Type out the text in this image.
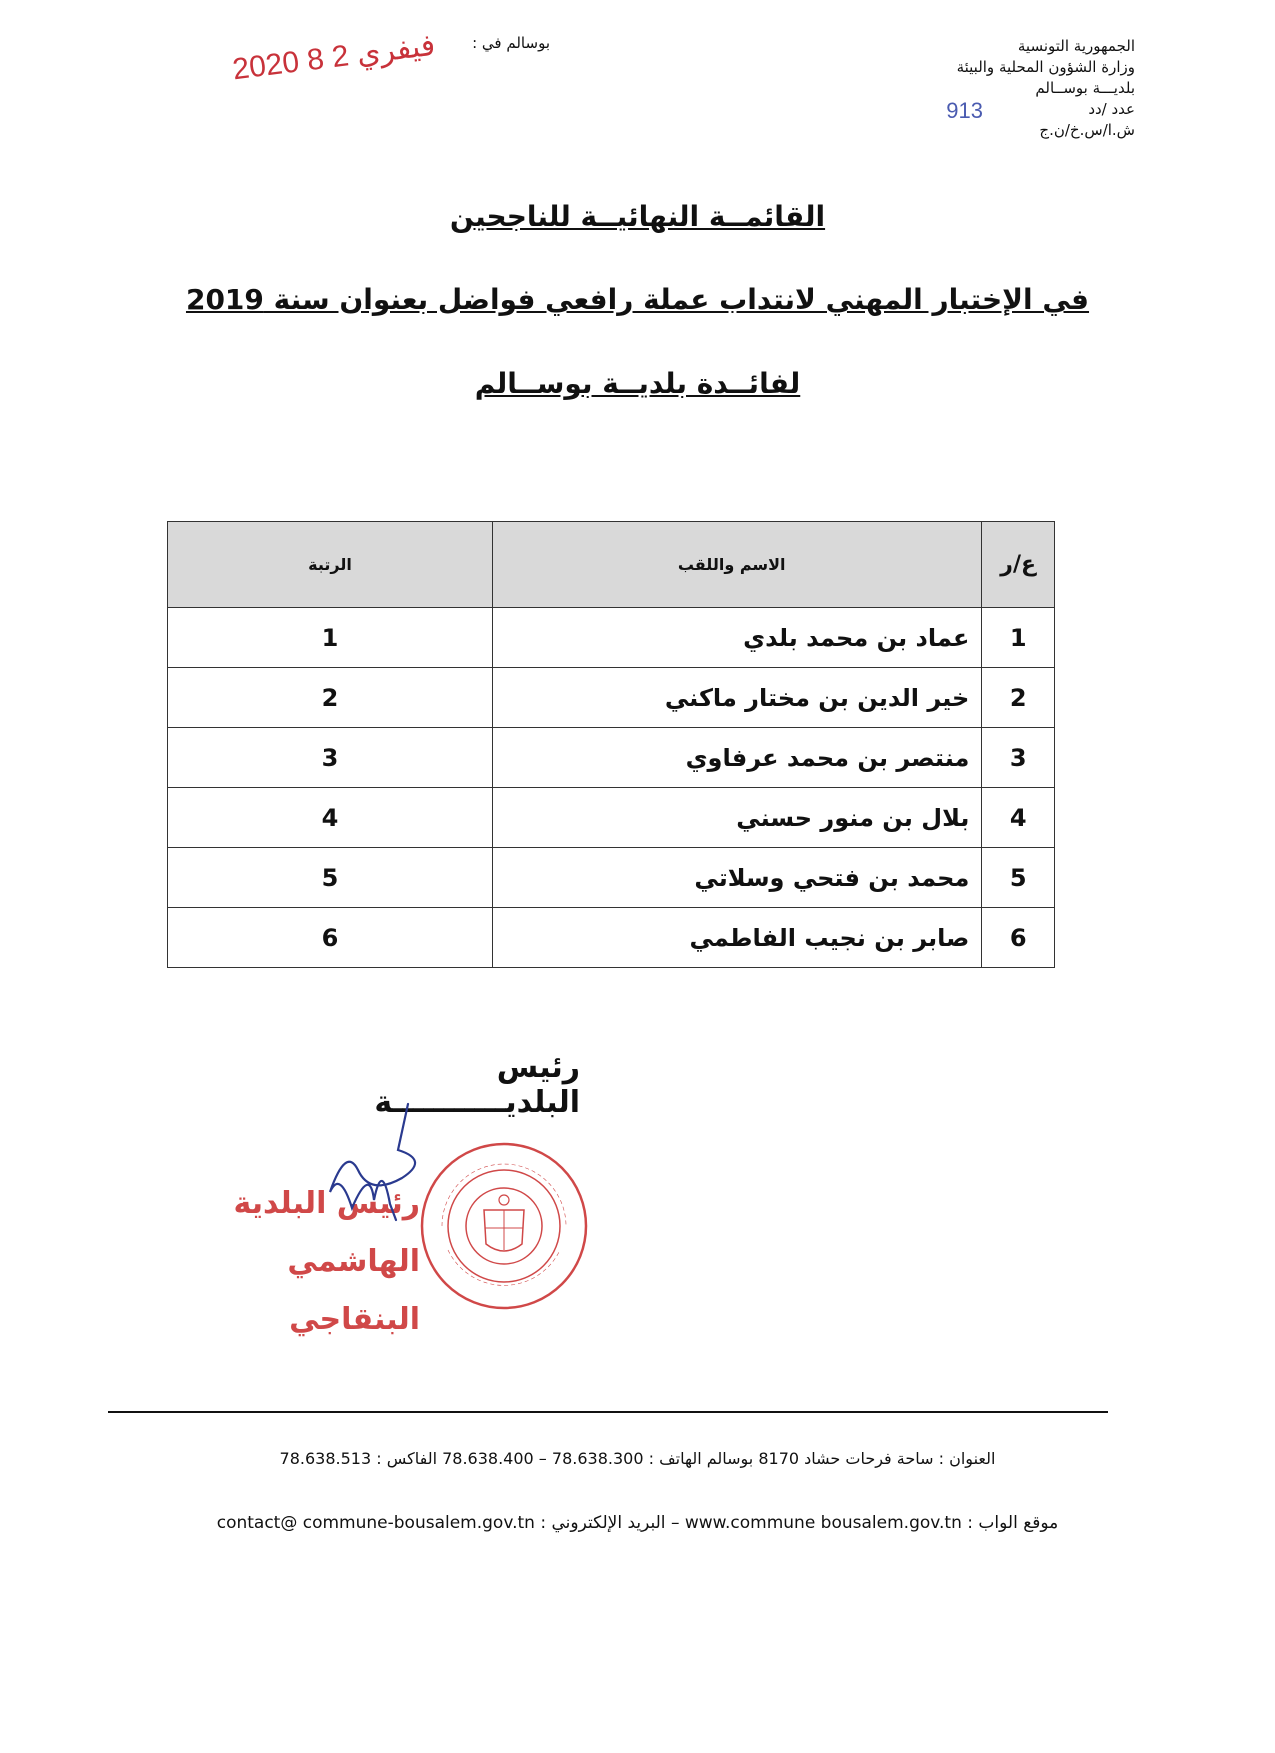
بوسالم في :
2020 فيفري 2 8	الجمهورية التونسية
وزارة الشؤون المحلية والبيئة
بلديـــة بوســالم
عدد /دد
ش.ا/س.خ/ن.ج
913
القائمــة النهائيــة للناجحين
في الإختبار المهني لانتداب عملة رافعي فواضل بعنوان سنة 2019
لفائــدة بلديــة بوســالم
ع/ر	الاسم واللقب	الرتبة
1	عماد بن محمد بلدي	1
2	خير الدين بن مختار ماكني	2
3	منتصر بن محمد عرفاوي	3
4	بلال بن منور حسني	4
5	محمد بن فتحي وسلاتي	5
6	صابر بن نجيب الفاطمي	6
رئيس البلديـــــــــــة
رئيس البلدية
الهاشمي البنقاجي
العنوان : ساحة فرحات حشاد 8170 بوسالم الهاتف : 78.638.300 – 78.638.400 الفاكس : 78.638.513
موقع الواب : www.commune bousalem.gov.tn – البريد الإلكتروني : contact@ commune-bousalem.gov.tn
